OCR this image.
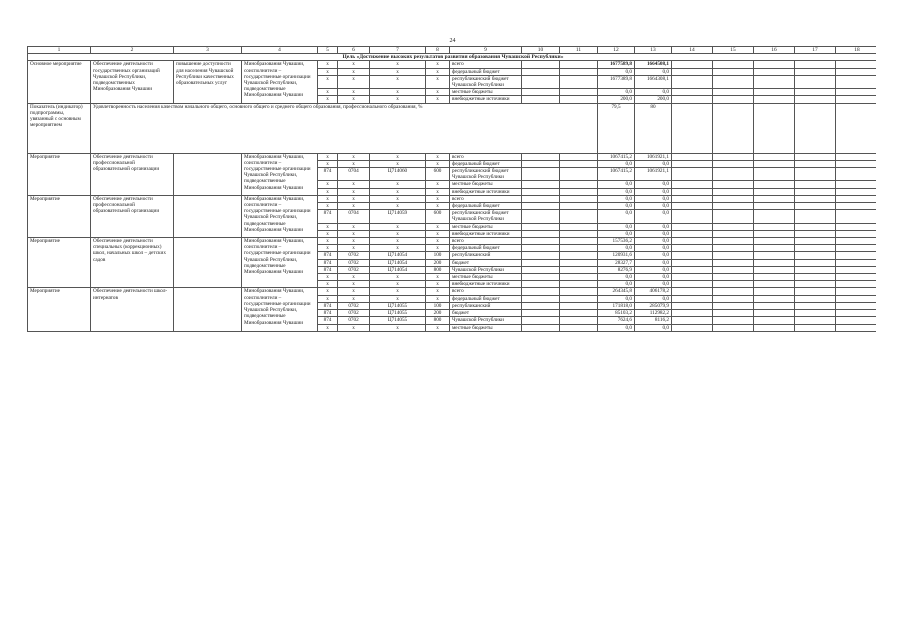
24
1	2	3	4	5	6	7	8	9	10	11	12	13	14	15	16	17	18
Цель «Достижение высоких результатов развития образования Чувашской Республики»																	
Основное мероприятие	Обеспечение деятельности государственных организаций Чувашской Республики, подведомственных Минобразования Чувашии	повышение доступности для населения Чувашской Республики качественных образовательных услуг	Минобразования Чувашии, соисполнители – государственные организации Чувашской Республики, подведомственные Минобразования Чувашии	x	x	x	x	всего			1677589,8	1664508,1					
				x	x	x	x	федеральный бюджет			0,0	0,0					
				x	x	x	x	республиканский бюджет Чувашской Республики			1677389,8	1664308,1					
				x	x	x	x	местные бюджеты			0,0	0,0					
				x	x	x	x	внебюджетные источники			200,0	200,0					
Показатель (индикатор) подпрограммы, увязанный с основным мероприятием	Удовлетворенность населения качеством начального общего, основного общего и среднего общего образования, профессионального образования, %										79,5	80					
Мероприятие	Обеспечение деятельности профессиональной образовательной организации		Минобразования Чувашии, соисполнители – государственные организации Чувашской Республики, подведомственные Минобразования Чувашии	x	x	x	x	всего			1067415,2	1061921,1					
				x	x	x	x	федеральный бюджет			0,0	0,0					
				874	0704	Ц714060	600	республиканский бюджет Чувашской Республики			1067415,2	1061921,1					
				x	x	x	x	местные бюджеты			0,0	0,0					
				x	x	x	x	внебюджетные источники			0,0	0,0					
Мероприятие	Обеспечение деятельности профессиональной образовательной организации		Минобразования Чувашии, соисполнители – государственные организации Чувашской Республики, подведомственные Минобразования Чувашии	x	x	x	x	всего			0,0	0,0					
				x	x	x	x	федеральный бюджет			0,0	0,0					
				874	0704	Ц714059	600	республиканский бюджет Чувашской Республики			0,0	0,0					
				x	x	x	x	местные бюджеты			0,0	0,0					
				x	x	x	x	внебюджетные источники			0,0	0,0					
Мероприятие	Обеспечение деятельности специальных (коррекционных) школ, начальных школ – детских садов		Минобразования Чувашии, соисполнители – государственные организации Чувашской Республики, подведомственные Минобразования Чувашии	x	x	x	x	всего			157536,2	0,0					
				x	x	x	x	федеральный бюджет			0,0	0,0					
				874	0702	Ц714054	100	республиканский			120931,6	0,0					
				874	0702	Ц714054	200	бюджет			28327,7	0,0					
				874	0702	Ц714054	800	Чувашской Республики			8276,9	0,0					
				x	x	x	x	местные бюджеты			0,0	0,0					
				x	x	x	x	внебюджетные источники			0,0	0,0					
Мероприятие	Обеспечение деятельности школ-интернатов		Минобразования Чувашии, соисполнители – государственные организации Чувашской Республики, подведомственные Минобразования Чувашии	x	x	x	x	всего			264345,8	406178,2					
				x	x	x	x	федеральный бюджет			0,0	0,0					
				874	0702	Ц714055	100	республиканский			171818,0	285079,9					
				874	0702	Ц714055	200	бюджет			85103,2	112982,2					
				874	0702	Ц714055	800	Чувашской Республики			7624,6	8116,2					
				x	x	x	x	местные бюджеты			0,0	0,0					
